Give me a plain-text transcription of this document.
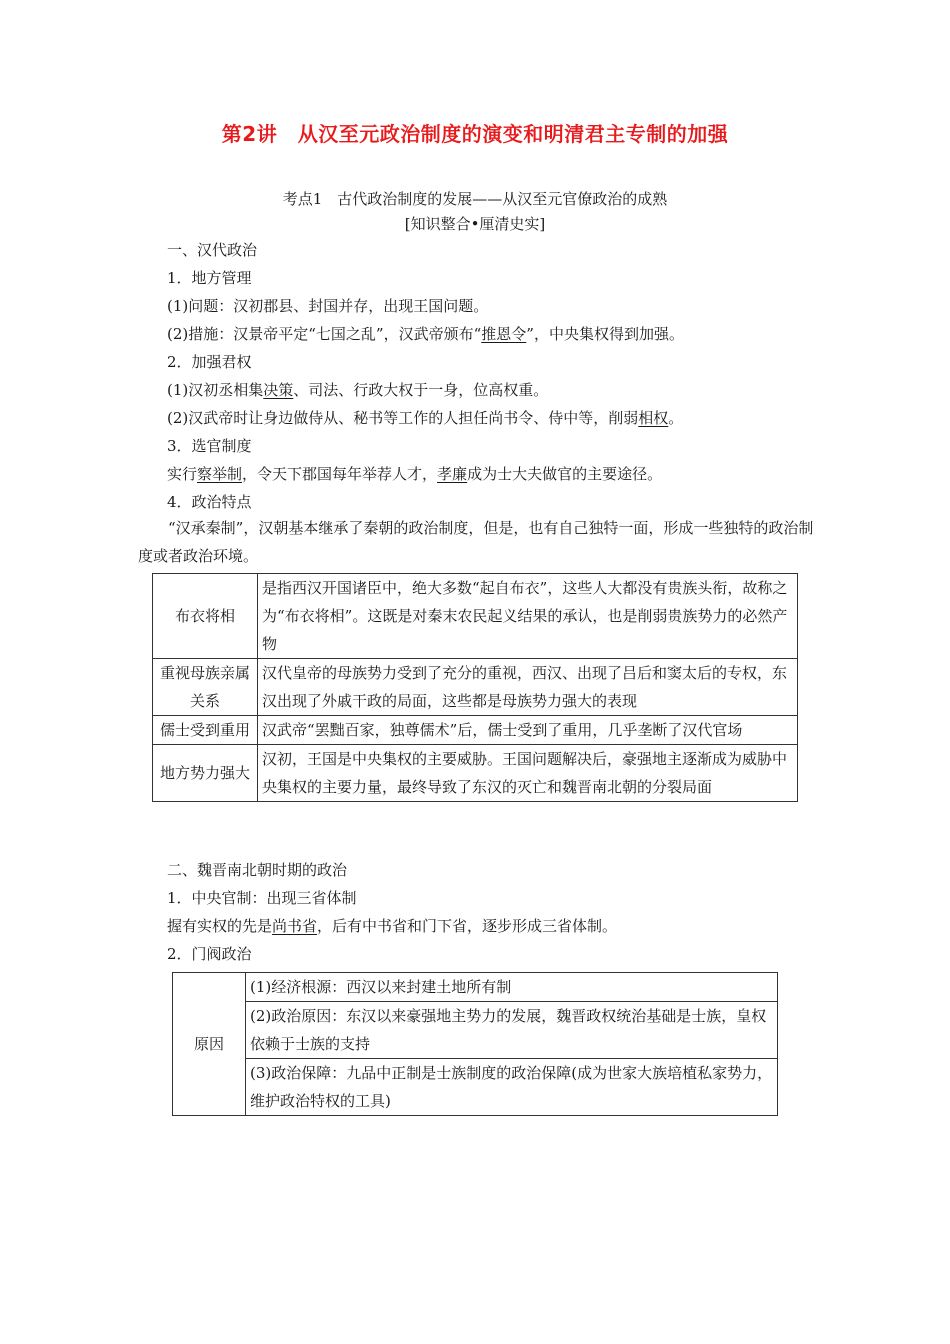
第2讲　从汉至元政治制度的演变和明清君主专制的加强
考点1　古代政治制度的发展——从汉至元官僚政治的成熟
[知识整合•厘清史实]
一、汉代政治
1．地方管理
(1)问题：汉初郡县、封国并存，出现王国问题。
(2)措施：汉景帝平定“七国之乱”，汉武帝颁布“推恩令”，中央集权得到加强。
2．加强君权
(1)汉初丞相集决策、司法、行政大权于一身，位高权重。
(2)汉武帝时让身边做侍从、秘书等工作的人担任尚书令、侍中等，削弱相权。
3．选官制度
实行察举制，令天下郡国每年举荐人才，孝廉成为士大夫做官的主要途径。
4．政治特点
“汉承秦制”，汉朝基本继承了秦朝的政治制度，但是，也有自己独特一面，形成一些独特的政治制度或者政治环境。
布衣将相	是指西汉开国诸臣中，绝大多数“起自布衣”，这些人大都没有贵族头衔，故称之为“布衣将相”。这既是对秦末农民起义结果的承认，也是削弱贵族势力的必然产物
重视母族亲属关系	汉代皇帝的母族势力受到了充分的重视，西汉、出现了吕后和窦太后的专权，东汉出现了外戚干政的局面，这些都是母族势力强大的表现
儒士受到重用	汉武帝“罢黜百家，独尊儒术”后，儒士受到了重用，几乎垄断了汉代官场
地方势力强大	汉初，王国是中央集权的主要威胁。王国问题解决后，豪强地主逐渐成为威胁中央集权的主要力量，最终导致了东汉的灭亡和魏晋南北朝的分裂局面
二、魏晋南北朝时期的政治
1．中央官制：出现三省体制
握有实权的先是尚书省，后有中书省和门下省，逐步形成三省体制。
2．门阀政治
原因	(1)经济根源：西汉以来封建土地所有制
(2)政治原因：东汉以来豪强地主势力的发展，魏晋政权统治基础是士族，皇权依赖于士族的支持
(3)政治保障：九品中正制是士族制度的政治保障(成为世家大族培植私家势力，维护政治特权的工具)
